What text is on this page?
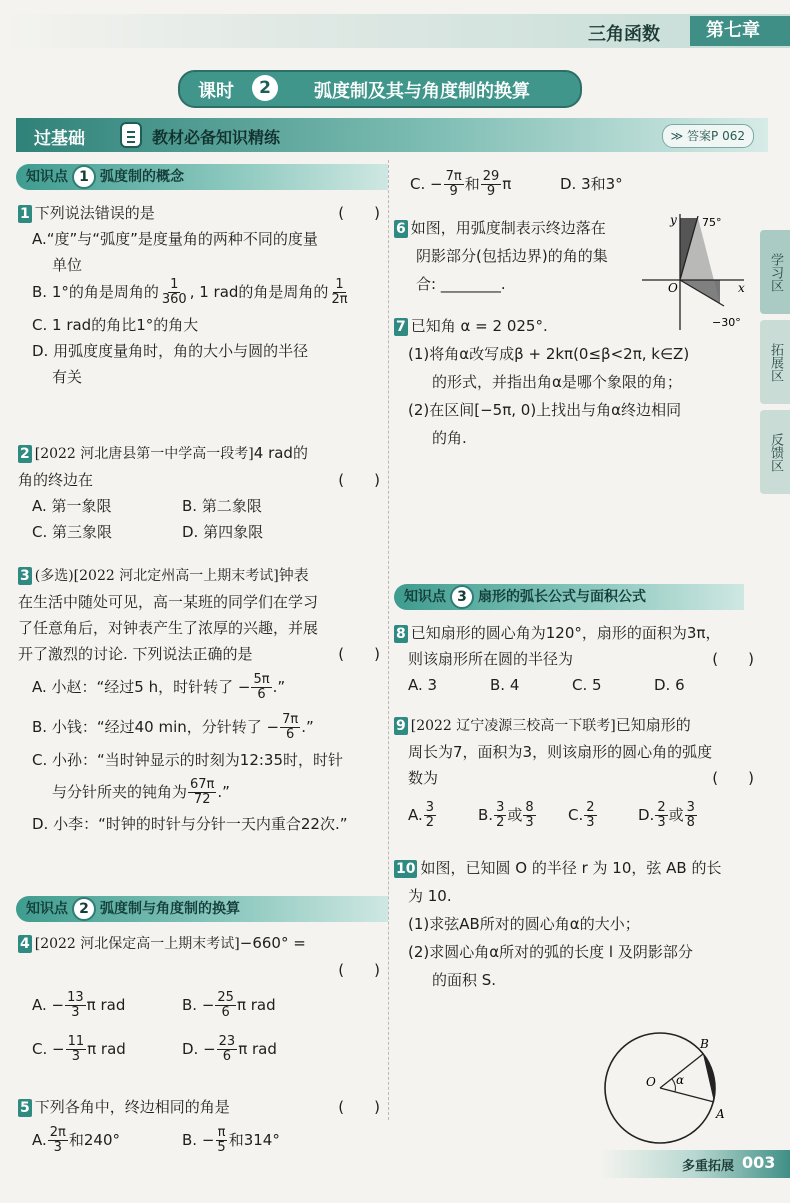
三角函数	第七章
课时	2	弧度制及其与角度制的换算
过基础	教材必备知识精练	≫ 答案P 062
知识点 1 弧度制的概念
1 下列说法错误的是	(　　)
A.“度”与“弧度”是度量角的两种不同的度量
单位
B. 1°的角是周角的 $\frac{1}{360}$ , 1 rad的角是周角的 $\frac{1}{2\pi}$
C. 1 rad的角比1°的角大
D. 用弧度度量角时，角的大小与圆的半径
有关
2 [2022 河北唐县第一中学高一段考]4 rad的
角的终边在	(　　)
A. 第一象限	B. 第二象限
C. 第三象限	D. 第四象限
3 (多选)[2022 河北定州高一上期末考试]钟表
在生活中随处可见，高一某班的同学们在学习
了任意角后，对钟表产生了浓厚的兴趣，并展
开了激烈的讨论. 下列说法正确的是	(　　)
A. 小赵：“经过5 h，时针转了 − $\frac{5\pi}{6}$ .”
B. 小钱：“经过40 min，分针转了 − $\frac{7\pi}{6}$ .”
C. 小孙：“当时钟显示的时刻为12:35时，时针
与分针所夹的钝角为 $\frac{67\pi}{72}$ .”
D. 小李：“时钟的时针与分针一天内重合22次.”
知识点 2 弧度制与角度制的换算
4 [2022 河北保定高一上期末考试]−660° =
(　　)
A. − $\frac{13}{3}$ π rad	B. − $\frac{25}{6}$ π rad
C. − $\frac{11}{3}$ π rad	D. − $\frac{23}{6}$ π rad
5 下列各角中，终边相同的角是	(　　)
A. $\frac{2\pi}{3}$ 和240°	B. − $\frac{\pi}{5}$ 和314°
C. − $\frac{7\pi}{9}$ 和 $\frac{29}{9}$ π	D. 3和3°
6 如图，用弧度制表示终边落在
阴影部分(包括边界)的角的集
合: ________.
y
x
O
75°
−30°
7 已知角 α = 2 025°.
(1)将角α改写成β + 2kπ(0≤β<2π, k∈Z)
的形式，并指出角α是哪个象限的角；
(2)在区间[−5π, 0)上找出与角α终边相同
的角.
知识点 3 扇形的弧长公式与面积公式
8 已知扇形的圆心角为120°，扇形的面积为3π，
则该扇形所在圆的半径为	(　　)
A. 3	B. 4	C. 5	D. 6
9 [2022 辽宁凌源三校高一下联考]已知扇形的
周长为7，面积为3，则该扇形的圆心角的弧度
数为	(　　)
A. $\frac{3}{2}$	B. $\frac{3}{2}$ 或 $\frac{8}{3} C$. $\frac{2}{3}$	D. $\frac{2}{3}$ 或 $\frac{3}{8}$
10 如图，已知圆 O 的半径 r 为 10，弦 AB 的长
为 10.
(1)求弦AB所对的圆心角α的大小；
(2)求圆心角α所对的弧的长度 l 及阴影部分
的面积 S.
O
B
A
α
学习区
拓展区
反馈区
多重拓展 003
